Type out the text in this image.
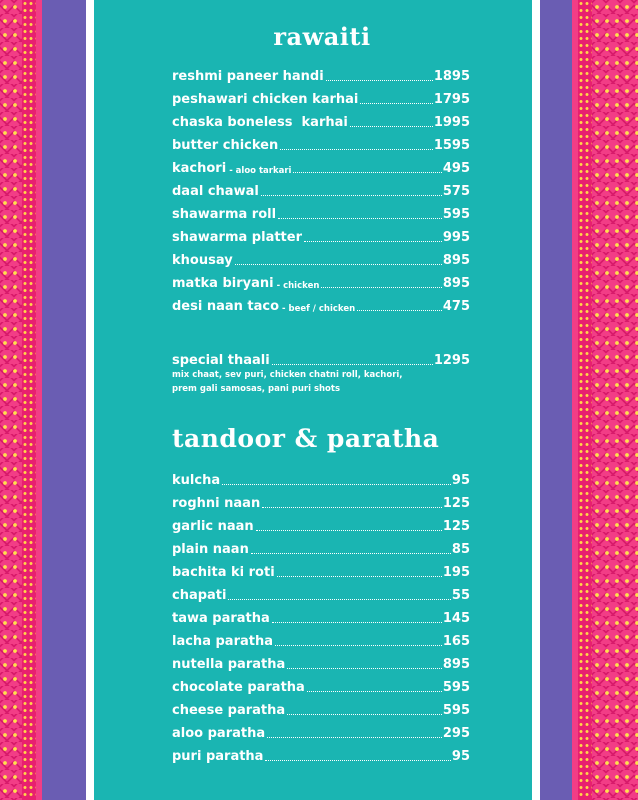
rawaiti
reshmi paneer handi	1895
peshawari chicken karhai	1795
chaska boneless  karhai	1995
butter chicken	1595
kachori - aloo tarkari	495
daal chawal	575
shawarma roll	595
shawarma platter	995
khousay	895
matka biryani - chicken	895
desi naan taco - beef / chicken	475
special thaali	1295
mix chaat, sev puri, chicken chatni roll, kachori,
prem gali samosas, pani puri shots
tandoor & paratha
kulcha	95
roghni naan	125
garlic naan	125
plain naan	85
bachita ki roti	195
chapati	55
tawa paratha	145
lacha paratha	165
nutella paratha	895
chocolate paratha	595
cheese paratha	595
aloo paratha	295
puri paratha	95
